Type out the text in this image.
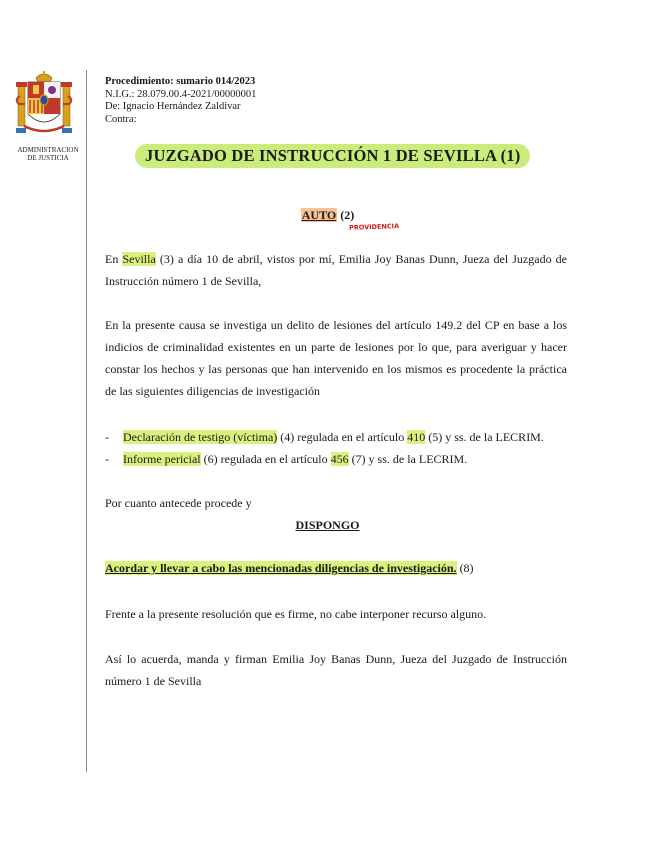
ADMINISTRACION
DE JUSTICIA
Procedimiento: sumario 014/2023
N.I.G.: 28.079.00.4-2021/00000001
De: Ignacio Hernández Zaldivar
Contra:
JUZGADO DE INSTRUCCIÓN 1 DE SEVILLA (1)
AUTO (2)
PROVIDENCIA
En Sevilla (3) a día 10 de abril, vistos por mí, Emilia Joy Banas Dunn, Jueza del Juzgado de Instrucción número 1 de Sevilla,
En la presente causa se investiga un delito de lesiones del artículo 149.2 del CP en base a los indicios de criminalidad existentes en un parte de lesiones por lo que, para averiguar y hacer constar los hechos y las personas que han intervenido en los mismos es procedente la práctica de las siguientes diligencias de investigación
-	Declaración de testigo (víctima) (4) regulada en el artículo 410 (5) y ss. de la LECRIM.
-	Informe pericial (6) regulada en el artículo 456 (7) y ss. de la LECRIM.
Por cuanto antecede procede y
DISPONGO
Acordar y llevar a cabo las mencionadas diligencias de investigación. (8)
Frente a la presente resolución que es firme, no cabe interponer recurso alguno.
Así lo acuerda, manda y firman Emilia Joy Banas Dunn, Jueza del Juzgado de Instrucción número 1 de Sevilla
